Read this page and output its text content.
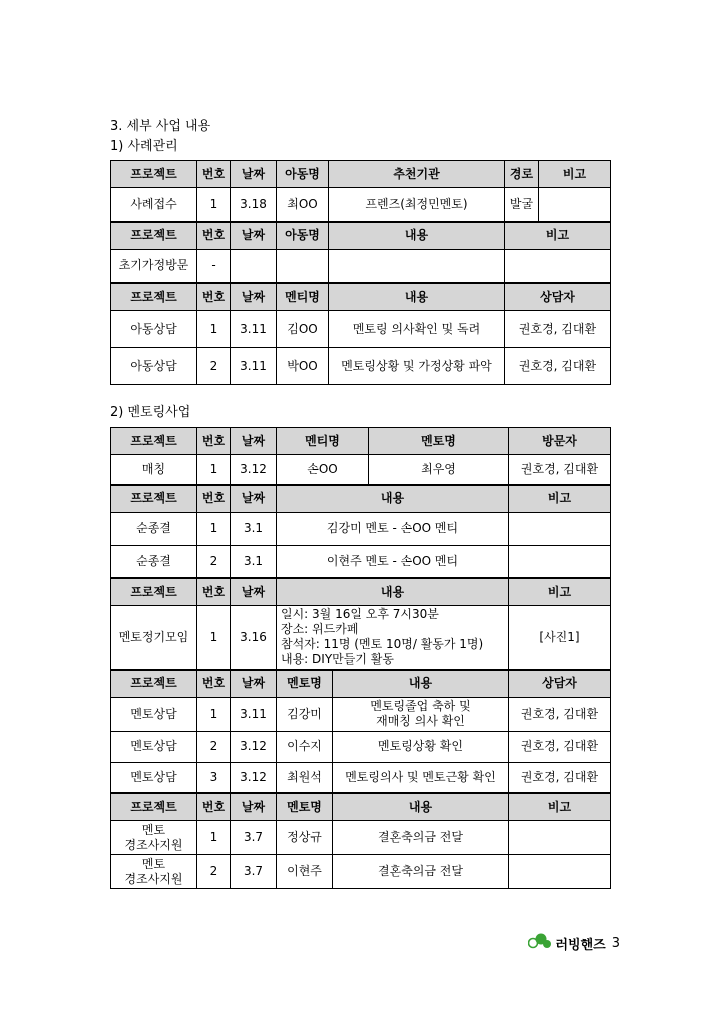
3. 세부 사업 내용
1) 사례관리
프로젝트	번호	날짜	아동명	추천기관	경로	비고
사례접수	1	3.18	최OO	프렌즈(최정민멘토)	발굴	
프로젝트	번호	날짜	아동명	내용	비고	
초기가정방문	-					
프로젝트	번호	날짜	멘티명	내용	상담자	
아동상담	1	3.11	김OO	멘토링 의사확인 및 독려	권호경, 김대환	
아동상담	2	3.11	박OO	멘토링상황 및 가정상황 파악	권호경, 김대환	
2) 멘토링사업
프로젝트	번호	날짜	멘티명		멘토명	방문자
매칭	1	3.12	손OO		최우영	권호경, 김대환
프로젝트	번호	날짜	내용			비고
순종결	1	3.1	김강미 멘토 - 손OO 멘티			
순종결	2	3.1	이현주 멘토 - 손OO 멘티			
프로젝트	번호	날짜	내용			비고
멘토정기모임	1	3.16	일시: 3월 16일 오후 7시30분
장소: 위드카페
참석자: 11명 (멘토 10명/ 활동가 1명)
내용: DIY만들기 활동			[사진1]
프로젝트	번호	날짜	멘토명	내용		상담자
멘토상담	1	3.11	김강미	멘토링졸업 축하 및
재매칭 의사 확인		권호경, 김대환
멘토상담	2	3.12	이수지	멘토링상황 확인		권호경, 김대환
멘토상담	3	3.12	최원석	멘토링의사 및 멘토근황 확인		권호경, 김대환
프로젝트	번호	날짜	멘토명	내용		비고

멘토
경조사지원	1	3.7	정상규	결혼축의금 전달		

멘토
경조사지원	2	3.7	이현주	결혼축의금 전달		
러빙핸즈 3
